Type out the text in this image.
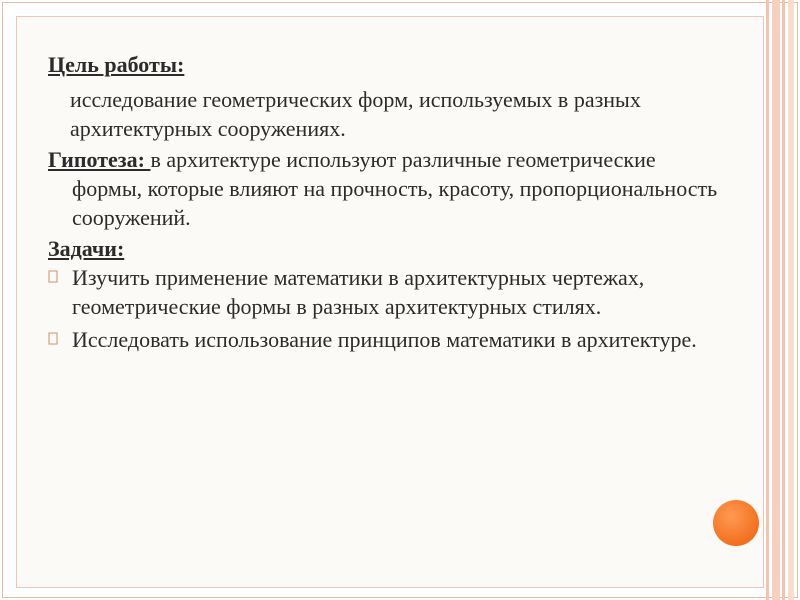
Цель работы:

исследование геометрических форм, используемых в разных архитектурных сооружениях.

Гипотеза: в архитектуре используют различные геометрические формы, которые влияют на прочность, красоту, пропорциональность сооружений.

Задачи:

Изучить применение математики в архитектурных чертежах, геометрические формы в разных архитектурных стилях.
Исследовать использование принципов математики в архитектуре.
